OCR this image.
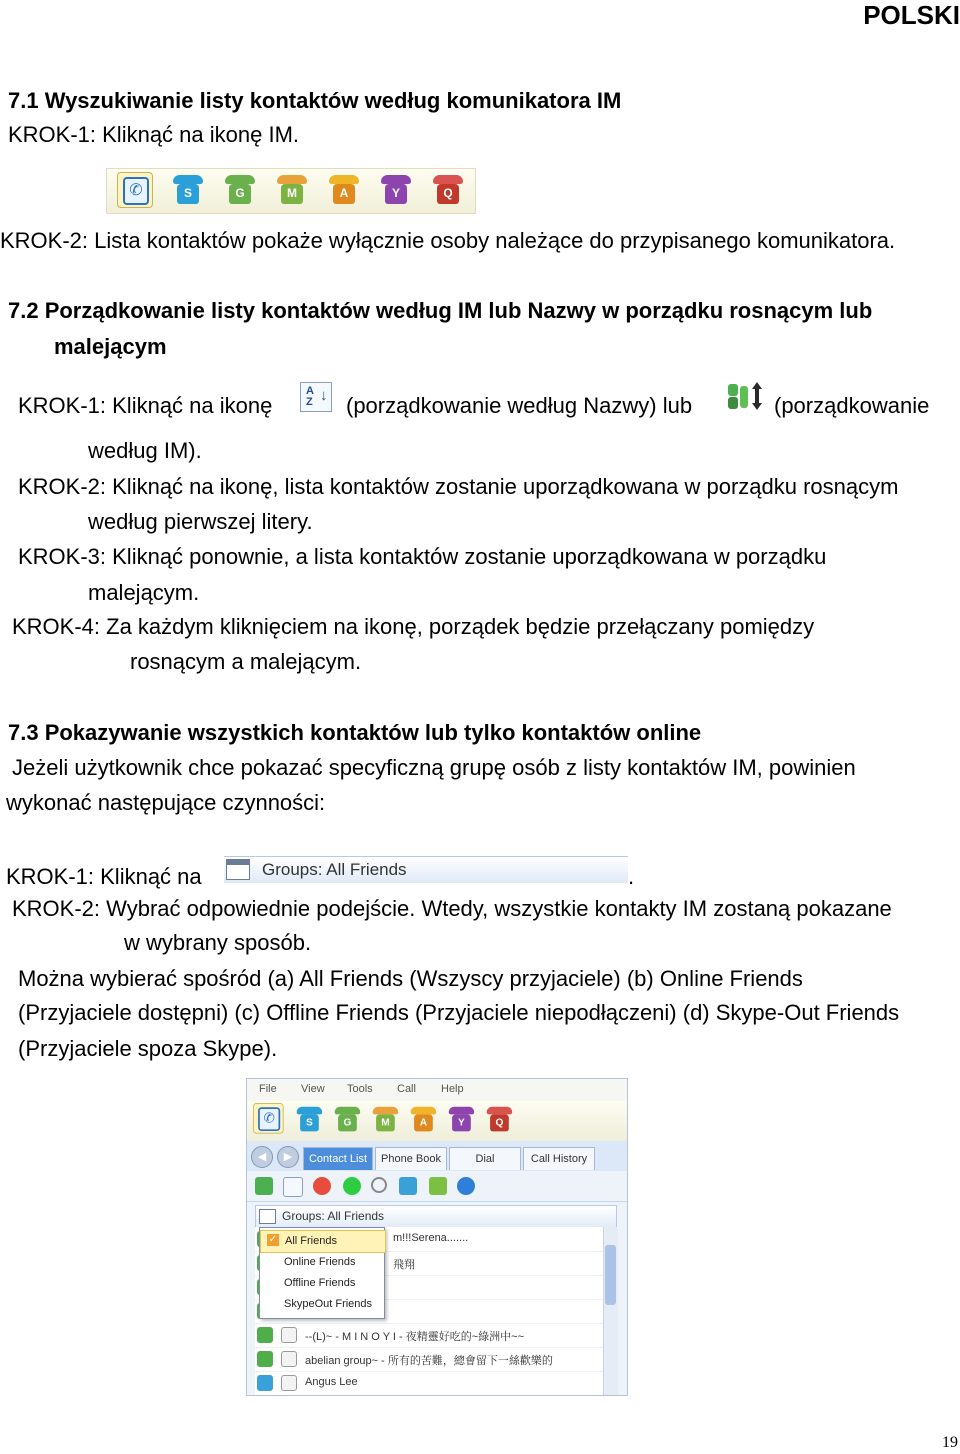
POLSKI
7.1 Wyszukiwanie listy kontaktów według komunikatora IM
KROK-1: Kliknąć na ikonę IM.
✆	S	G	M	A	Y	Q
KROK-2: Lista kontaktów pokaże wyłącznie osoby należące do przypisanego komunikatora.
7.2 Porządkowanie listy kontaktów według IM lub Nazwy w porządku rosnącym lub
malejącym
KROK-1: Kliknąć na ikonę
A
Z ↓ (porządkowanie według Nazwy) lub	(porządkowanie
według IM).
KROK-2: Kliknąć na ikonę, lista kontaktów zostanie uporządkowana w porządku rosnącym
według pierwszej litery.
KROK-3: Kliknąć ponownie, a lista kontaktów zostanie uporządkowana w porządku
malejącym.
KROK-4: Za każdym kliknięciem na ikonę, porządek będzie przełączany pomiędzy
rosnącym a malejącym.
7.3 Pokazywanie wszystkich kontaktów lub tylko kontaktów online
Jeżeli użytkownik chce pokazać specyficzną grupę osób z listy kontaktów IM, powinien
wykonać następujące czynności:
KROK-1: Kliknąć na	Groups: All Friends	.
KROK-2: Wybrać odpowiednie podejście. Wtedy, wszystkie kontakty IM zostaną pokazane
w wybrany sposób.
Można wybierać spośród (a) All Friends (Wszyscy przyjaciele) (b) Online Friends
(Przyjaciele dostępni) (c) Offline Friends (Przyjaciele niepodłączeni) (d) Skype-Out Friends
(Przyjaciele spoza Skype).
File View Tools Call Help
✆	S	G	M	A	Y	Q
◀	▶	Contact List	Phone Book	Dial	Call History
Groups: All Friends
m!!!Serena.......
飛翔
--(L)~ - M I N O Y I - 夜精靈好吃的~綠洲中~~
abelian group~ - 所有的苦難，總會留下一絲歡樂的
Angus Lee
✓ All Friends
Online Friends
Offline Friends
SkypeOut Friends
19
